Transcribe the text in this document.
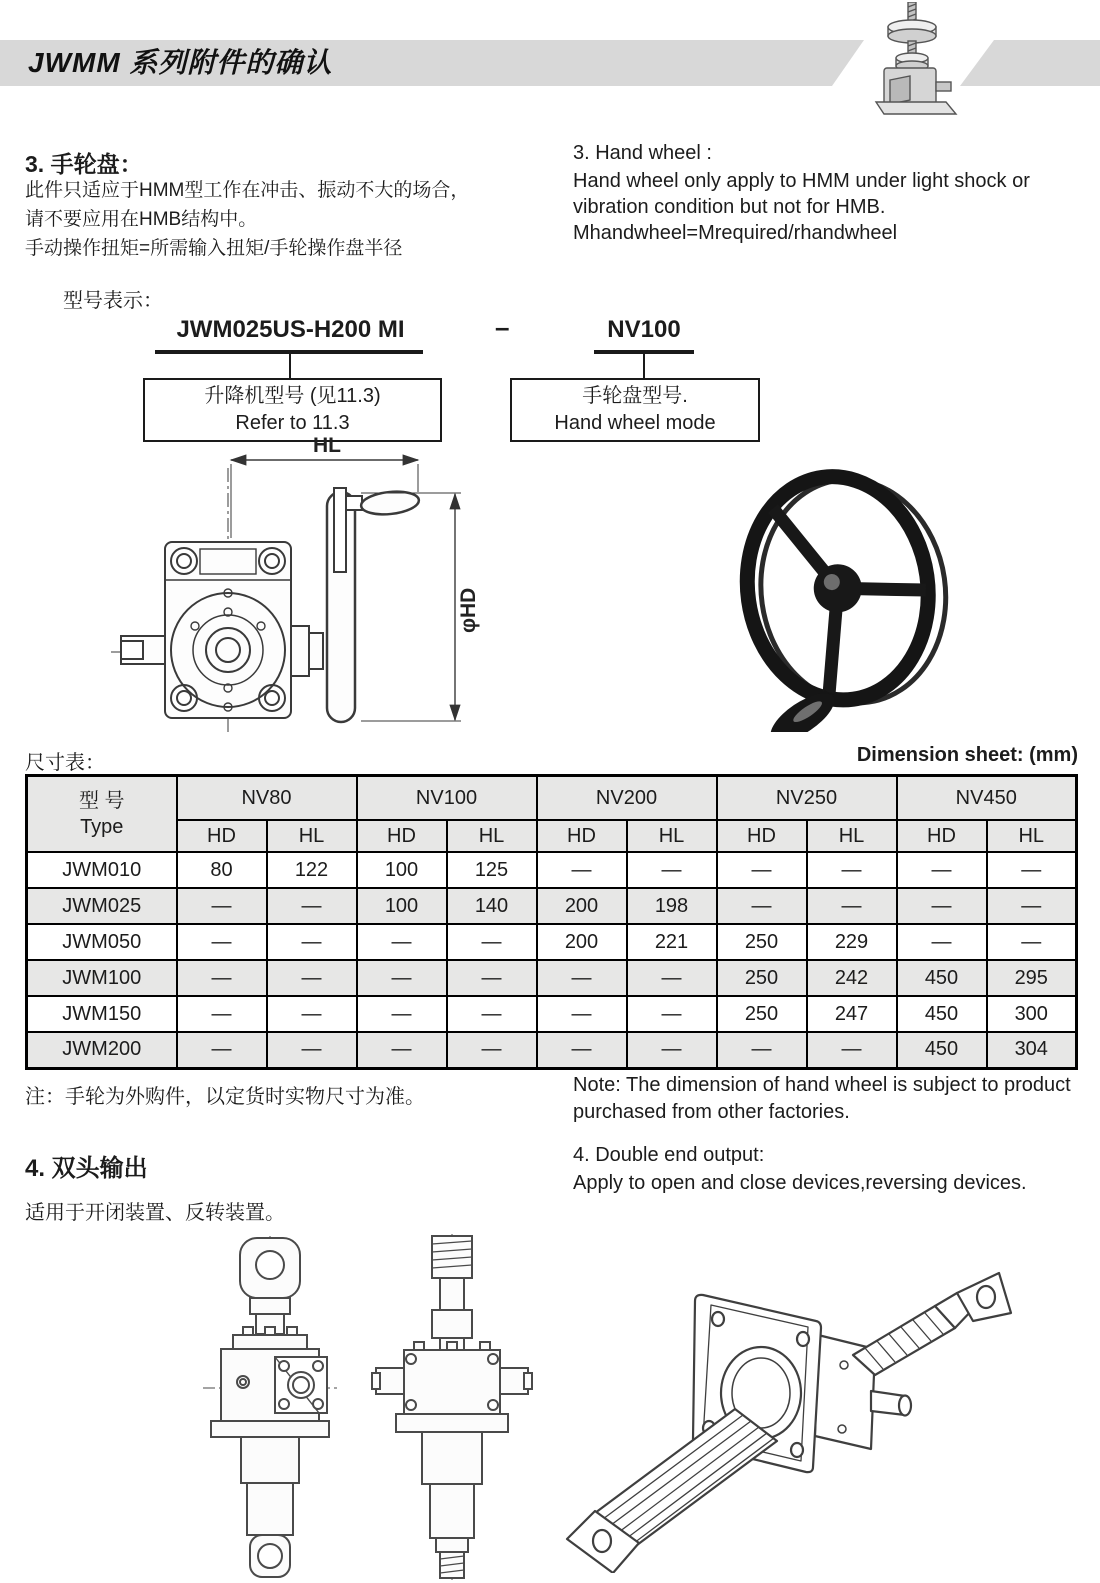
JWMM 系列附件的确认
3. 手轮盘：
此件只适应于HMM型工作在冲击、振动不大的场合，
请不要应用在HMB结构中。
手动操作扭矩=所需输入扭矩/手轮操作盘半径
3. Hand wheel :
Hand wheel only apply to HMM under light shock or
vibration condition but not for HMB.
Mhandwheel=Mrequired/rhandwheel
型号表示：
JWM025US-H200 MI	–	NV100
升降机型号 (见11.3)
Refer to 11.3
手轮盘型号.
Hand wheel mode
HL
φHD
尺寸表：	Dimension sheet: (mm)
型 号
Type	NV80		NV100		NV200		NV250		NV450	
	HD	HL	HD	HL	HD	HL	HD	HL	HD	HL
JWM010	80	122	100	125	—	—	—	—	—	—
JWM025	—	—	100	140	200	198	—	—	—	—
JWM050	—	—	—	—	200	221	250	229	—	—
JWM100	—	—	—	—	—	—	250	242	450	295
JWM150	—	—	—	—	—	—	250	247	450	300
JWM200	—	—	—	—	—	—	—	—	450	304
注：手轮为外购件，以定货时实物尺寸为准。
Note: The dimension of hand wheel is subject to product
purchased from other factories.
4. 双头输出
适用于开闭装置、反转装置。
4. Double end output:
Apply to open and close devices,reversing devices.
